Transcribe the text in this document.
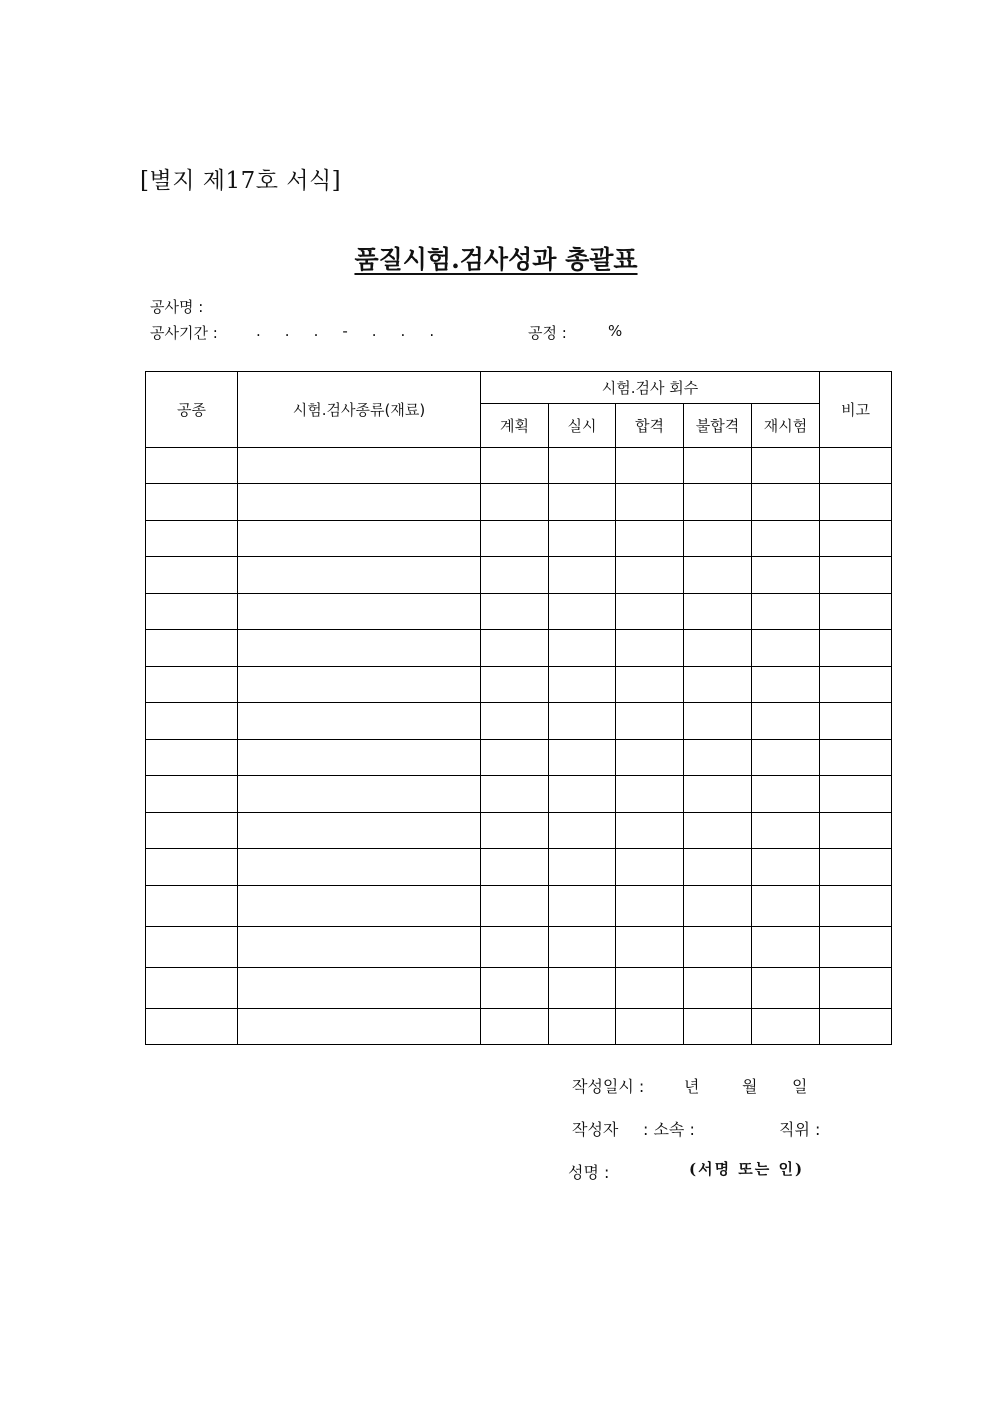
[별지 제17호 서식]
품질시험.검사성과 총괄표
공사명 :
공사기간 :	. . . - . . .	공정 :	%
공종	시험.검사종류(재료)	시험.검사 회수					비고
		계획	실시	합격	불합격	재시험	

작성일시 : 년	월 일
작성자 : 소속 :	직위 :
성명 :	(서명 또는 인)
